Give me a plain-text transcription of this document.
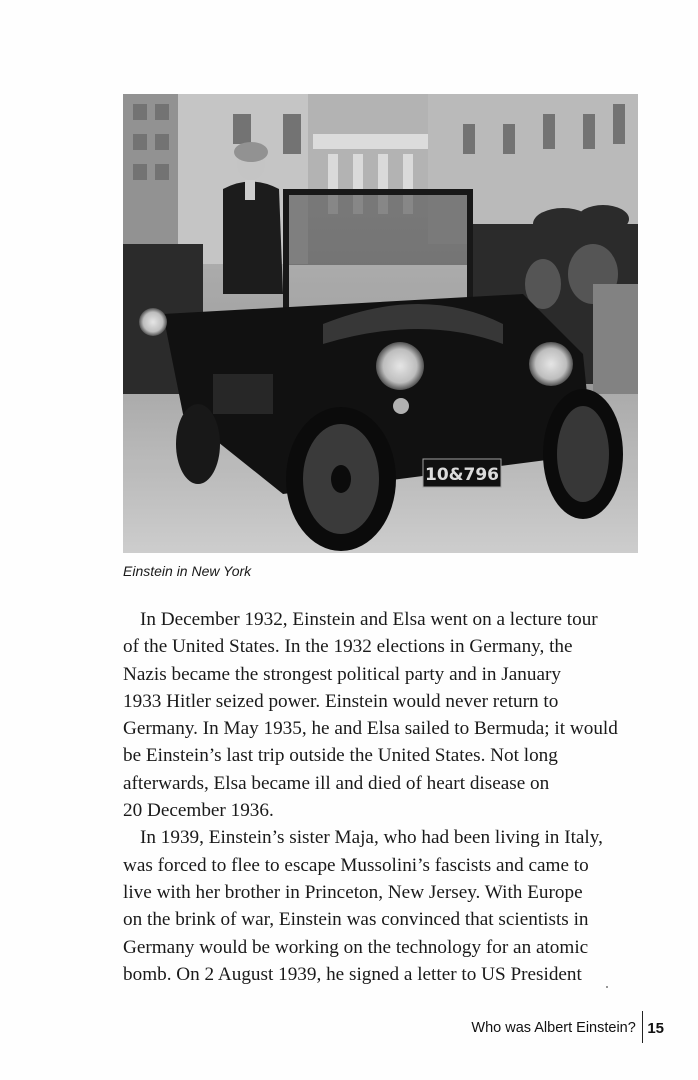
10&796

Einstein in New York

In December 1932, Einstein and Elsa went on a lecture tour
of the United States. In the 1932 elections in Germany, the
Nazis became the strongest political party and in January
1933 Hitler seized power. Einstein would never return to
Germany. In May 1935, he and Elsa sailed to Bermuda; it would
be Einstein’s last trip outside the United States. Not long
afterwards, Elsa became ill and died of heart disease on
20 December 1936.
In 1939, Einstein’s sister Maja, who had been living in Italy,
was forced to flee to escape Mussolini’s fascists and came to
live with her brother in Princeton, New Jersey. With Europe
on the brink of war, Einstein was convinced that scientists in
Germany would be working on the technology for an atomic
bomb. On 2 August 1939, he signed a letter to US President
Who was Albert Einstein? 15
